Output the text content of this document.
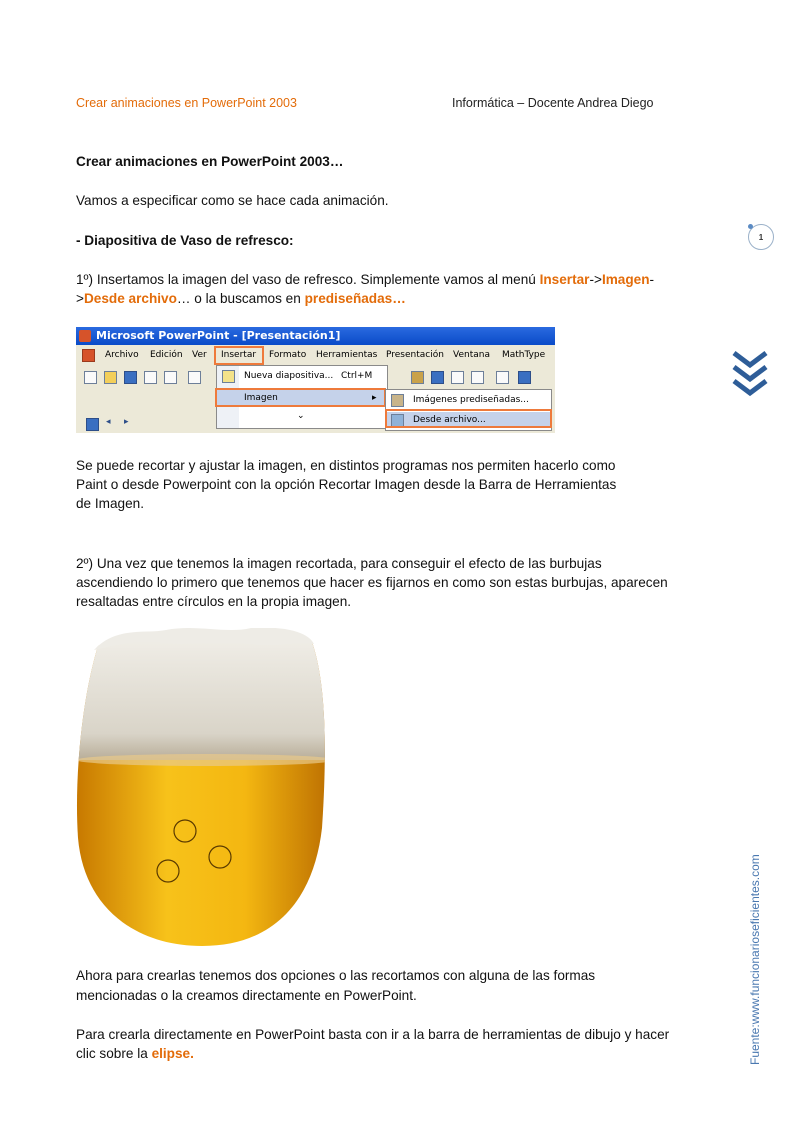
Crear animaciones en PowerPoint 2003	Informática – Docente Andrea Diego
1
Fuente:www.funcionarioseficientes.com
Crear animaciones en PowerPoint 2003…
Vamos a especificar como se hace cada animación.
- Diapositiva de Vaso de refresco:
1º) Insertamos la imagen del vaso de refresco. Simplemente vamos al menú Insertar->Imagen-
>Desde archivo… o la buscamos en prediseñadas…
Microsoft PowerPoint - [Presentación1]
Archivo Edición Ver Insertar Formato Herramientas Presentación Ventana MathType
Nueva diapositiva... Ctrl+M
Imagen	▸
⌄
Imágenes prediseñadas...
Desde archivo...
◂ ▸
Se puede recortar y ajustar la imagen, en distintos programas nos permiten hacerlo como
Paint o desde Powerpoint con la opción Recortar Imagen desde la Barra de Herramientas
de Imagen.
2º) Una vez que tenemos la imagen recortada, para conseguir el efecto de las burbujas
ascendiendo lo primero que tenemos que hacer es fijarnos en como son estas burbujas, aparecen
resaltadas entre círculos en la propia imagen.
Ahora para crearlas tenemos dos opciones o las recortamos con alguna de las formas
mencionadas o la creamos directamente en PowerPoint.
Para crearla directamente en PowerPoint basta con ir a la barra de herramientas de dibujo y hacer
clic sobre la elipse.
